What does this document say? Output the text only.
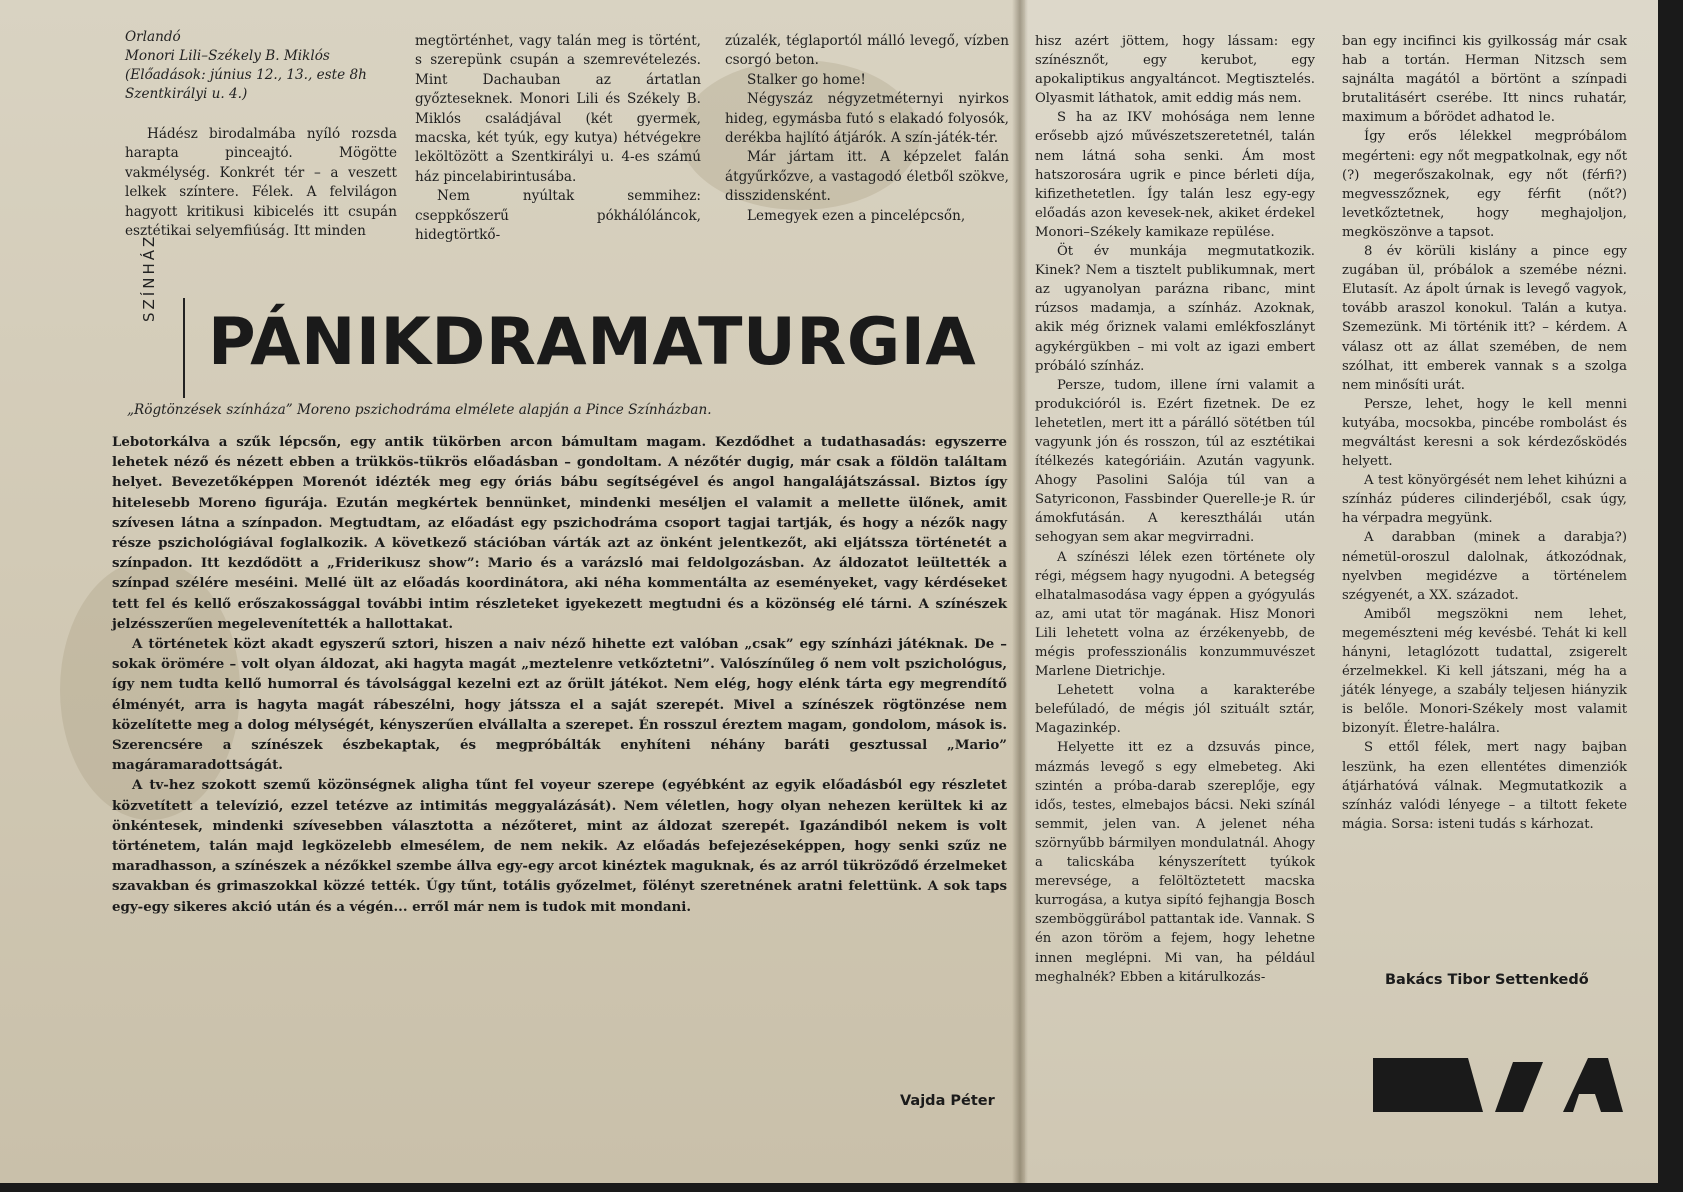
Orlandó
Monori Lili–Székely B. Miklós
(Előadások: június 12., 13., este 8h
Szentkirályi u. 4.)

Hádész birodalmába nyíló rozsda harapta pinceajtó. Mögötte vakmélység. Konkrét tér – a veszett lelkek színtere. Félek. A felvilágon hagyott kritikusi kibicelés itt csupán esztétikai selyemfiúság. Itt minden

megtörténhet, vagy talán meg is történt, s szerepünk csupán a szemrevételezés. Mint Dachauban az ártatlan győzteseknek. Monori Lili és Székely B. Miklós családjával (két gyermek, macska, két tyúk, egy kutya) hétvégekre leköltözött a Szentkirályi u. 4-es számú ház pincelabirintusába.

Nem nyúltak semmihez: cseppkőszerű pókhálóláncok, hidegtörtkő-

zúzalék, téglaportól málló levegő, vízben csorgó beton.

Stalker go home!

Négyszáz négyzetméternyi nyirkos hideg, egymásba futó s elakadó folyosók, derékba hajlító átjárók. A szín-játék-tér.

Már jártam itt. A képzelet falán átgyűrkőzve, a vastagodó életből szökve, disszidensként.

Lemegyek ezen a pincelépcsőn,

SZÍNHÁZ
PÁNIKDRAMATURGIA
„Rögtönzések színháza” Moreno pszichodráma elmélete alapján a Pince Színházban.

Lebotorkálva a szűk lépcsőn, egy antik tükörben arcon bámultam magam. Kezdődhet a tudathasadás: egyszerre lehetek néző és nézett ebben a trükkös-tükrös előadásban – gondoltam. A nézőtér dugig, már csak a földön találtam helyet. Bevezetőképpen Morenót idézték meg egy óriás bábu segítségével és angol hangalájátszással. Biztos így hitelesebb Moreno figurája. Ezután megkértek bennünket, mindenki meséljen el valamit a mellette ülőnek, amit szívesen látna a színpadon. Megtudtam, az előadást egy pszichodráma csoport tagjai tartják, és hogy a nézők nagy része pszichológiával foglalkozik. A következő stációban várták azt az önként jelentkezőt, aki eljátssza történetét a színpadon. Itt kezdődött a „Friderikusz show”: Mario és a varázsló mai feldolgozásban. Az áldozatot leültették a színpad szélére meséini. Mellé ült az előadás koordinátora, aki néha kommentálta az eseményeket, vagy kérdéseket tett fel és kellő erőszakossággal további intim részleteket igyekezett megtudni és a közönség elé tárni. A színészek jelzésszerűen megelevenítették a hallottakat.

A történetek közt akadt egyszerű sztori, hiszen a naiv néző hihette ezt valóban „csak” egy színházi játéknak. De – sokak örömére – volt olyan áldozat, aki hagyta magát „meztelenre vetkőztetni”. Valószínűleg ő nem volt pszichológus, így nem tudta kellő humorral és távolsággal kezelni ezt az őrült játékot. Nem elég, hogy elénk tárta egy megrendítő élményét, arra is hagyta magát rábeszélni, hogy játssza el a saját szerepét. Mivel a színészek rögtönzése nem közelítette meg a dolog mélységét, kényszerűen elvállalta a szerepet. Én rosszul éreztem magam, gondolom, mások is. Szerencsére a színészek észbekaptak, és megpróbálták enyhíteni néhány baráti gesztussal „Mario” magáramaradottságát.

A tv-hez szokott szemű közönségnek aligha tűnt fel voyeur szerepe (egyébként az egyik előadásból egy részletet közvetített a televízió, ezzel tetézve az intimitás meggyalázását). Nem véletlen, hogy olyan nehezen kerültek ki az önkéntesek, mindenki szívesebben választotta a nézőteret, mint az áldozat szerepét. Igazándiból nekem is volt történetem, talán majd legközelebb elmesélem, de nem nekik. Az előadás befejezéseképpen, hogy senki szűz ne maradhasson, a színészek a nézőkkel szembe állva egy-egy arcot kinéztek maguknak, és az arról tükröződő érzelmeket szavakban és grimaszokkal közzé tették. Úgy tűnt, totális győzelmet, fölényt szeretnének aratni felettünk. A sok taps egy-egy sikeres akció után és a végén... erről már nem is tudok mit mondani.

Vajda Péter

hisz azért jöttem, hogy lássam: egy színésznőt, egy kerubot, egy apokaliptikus angyaltáncot. Megtisztelés. Olyasmit láthatok, amit eddig más nem.

S ha az IKV mohósága nem lenne erősebb ajzó művészetszeretetnél, talán nem látná soha senki. Ám most hatszorosára ugrik e pince bérleti díja, kifizethetetlen. Így talán lesz egy-egy előadás azon kevesek-nek, akiket érdekel Monori–Székely kamikaze repülése.

Öt év munkája megmutatkozik. Kinek? Nem a tisztelt publikumnak, mert az ugyanolyan parázna ribanc, mint rúzsos madamja, a színház. Azoknak, akik még őriznek valami emlékfoszlányt agykérgükben – mi volt az igazi embert próbáló színház.

Persze, tudom, illene írni valamit a produkcióról is. Ezért fizetnek. De ez lehetetlen, mert itt a párálló sötétben túl vagyunk jón és rosszon, túl az esztétikai ítélkezés kategóriáin. Azután vagyunk. Ahogy Pasolini Salója túl van a Satyriconon, Fassbinder Querelle-je R. úr ámokfutásán. A keresztháláı után sehogyan sem akar megvirradni.

A színészi lélek ezen története oly régi, mégsem hagy nyugodni. A betegség elhatalmasodása vagy éppen a gyógyulás az, ami utat tör magának. Hisz Monori Lili lehetett volna az érzékenyebb, de mégis professzionális konzummuvészet Marlene Dietrichje.

Lehetett volna a karakterébe belefúladó, de mégis jól szituált sztár, Magazinkép.

Helyette itt ez a dzsuvás pince, mázmás levegő s egy elmebeteg. Aki szintén a próba-darab szereplője, egy idős, testes, elmebajos bácsi. Neki színál semmit, jelen van. A jelenet néha szörnyűbb bármilyen mondulatnál. Ahogy a talicskába kényszerített tyúkok merevsége, a felöltöztetett macska kurrogása, a kutya sipító fejhangja Bosch szemböggürábol pattantak ide. Vannak. S én azon töröm a fejem, hogy lehetne innen meglépni. Mi van, ha például meghalnék? Ebben a kitárulkozás-

ban egy incifinci kis gyilkosság már csak hab a tortán. Herman Nitzsch sem sajnálta magától a börtönt a színpadi brutalitásért cserébe. Itt nincs ruhatár, maximum a bőrödet adhatod le.

Így erős lélekkel megpróbálom megérteni: egy nőt megpatkolnak, egy nőt (?) megerőszakolnak, egy nőt (férfi?) megvesszőznek, egy férfit (nőt?) levetkőztetnek, hogy meghajoljon, megköszönve a tapsot.

8 év körüli kislány a pince egy zugában ül, próbálok a szemébe nézni. Elutasít. Az ápolt úrnak is levegő vagyok, tovább araszol konokul. Talán a kutya. Szemezünk. Mi történik itt? – kérdem. A válasz ott az állat szemében, de nem szólhat, itt emberek vannak s a szolga nem minősíti urát.

Persze, lehet, hogy le kell menni kutyába, mocsokba, pincébe rombolást és megváltást keresni a sok kérdezősködés helyett.

A test könyörgését nem lehet kihúzni a színház púderes cilinderjéből, csak úgy, ha vérpadra megyünk.

A darabban (minek a darabja?) németül-oroszul dalolnak, átkozódnak, nyelvben megidézve a történelem szégyenét, a XX. századot.

Amiből megszökni nem lehet, megemészteni még kevésbé. Tehát ki kell hányni, letaglózott tudattal, zsigerelt érzelmekkel. Ki kell játszani, még ha a játék lényege, a szabály teljesen hiányzik is belőle. Monori-Székely most valamit bizonyít. Életre-halálra.

S ettől félek, mert nagy bajban leszünk, ha ezen ellentétes dimenziók átjárhatóvá válnak. Megmutatkozik a színház valódi lényege – a tiltott fekete mágia. Sorsa: isteni tudás s kárhozat.

Bakács Tibor Settenkedő
